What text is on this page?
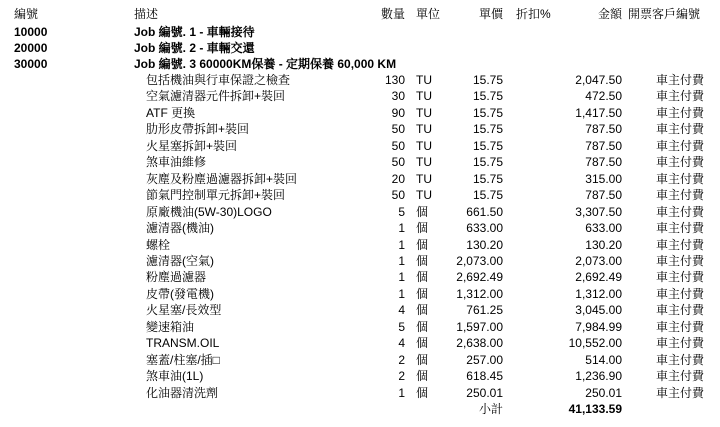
編號	描述	數量 單位	單價 折扣%	金額 開票客戶編號
10000	Job 編號. 1 - 車輛接待
20000	Job 編號. 2 - 車輛交還
30000	Job 編號. 3 60000KM保養 - 定期保養 60,000 KM
包括機油與行車保證之檢查	130 TU	15.75	2,047.50	車主付費
空氣濾清器元件拆卸+裝回	30 TU	15.75	472.50	車主付費
ATF 更換	90 TU	15.75	1,417.50	車主付費
肋形皮帶拆卸+裝回	50 TU	15.75	787.50	車主付費
火星塞拆卸+裝回	50 TU	15.75	787.50	車主付費
煞車油維修	50 TU	15.75	787.50	車主付費
灰塵及粉塵過濾器拆卸+裝回	20 TU	15.75	315.00	車主付費
節氣門控制單元拆卸+裝回	50 TU	15.75	787.50	車主付費
原廠機油(5W-30)LOGO	5 個	661.50	3,307.50	車主付費
濾清器(機油)	1 個	633.00	633.00	車主付費
螺栓	1 個	130.20	130.20	車主付費
濾清器(空氣)	1 個	2,073.00	2,073.00	車主付費
粉塵過濾器	1 個	2,692.49	2,692.49	車主付費
皮帶(發電機)	1 個	1,312.00	1,312.00	車主付費
火星塞/長效型	4 個	761.25	3,045.00	車主付費
變速箱油	5 個	1,597.00	7,984.99	車主付費
TRANSM.OIL	4 個	2,638.00	10,552.00	車主付費
塞蓋/柱塞/插□	2 個	257.00	514.00	車主付費
煞車油(1L)	2 個	618.45	1,236.90	車主付費
化油器清洗劑	1 個	250.01	250.01	車主付費
小計	41,133.59
